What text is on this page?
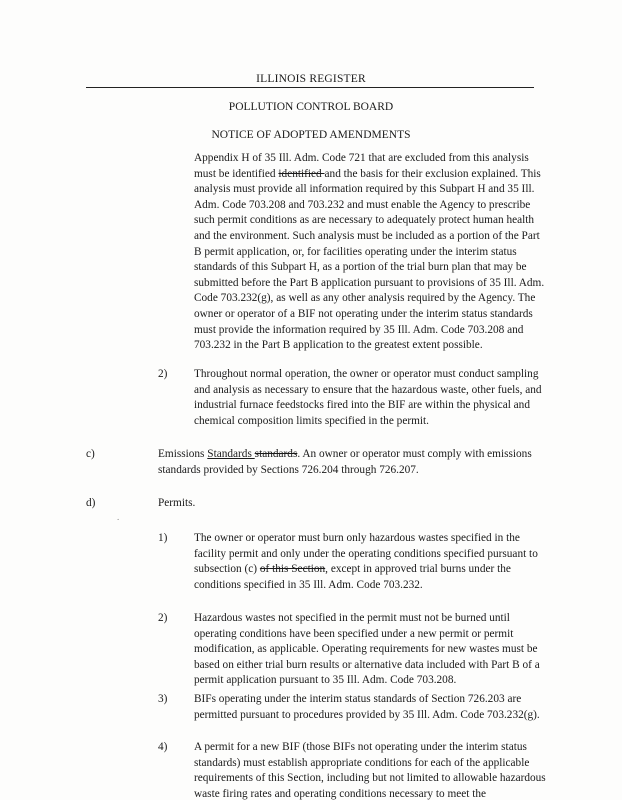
ILLINOIS REGISTER
POLLUTION CONTROL BOARD
NOTICE OF ADOPTED AMENDMENTS

Appendix H of 35 Ill. Adm. Code 721 that are excluded from this analysis must be identified identified and the basis for their exclusion explained. This analysis must provide all information required by this Subpart H and 35 Ill. Adm. Code 703.208 and 703.232 and must enable the Agency to prescribe such permit conditions as are necessary to adequately protect human health and the environment. Such analysis must be included as a portion of the Part B permit application, or, for facilities operating under the interim status standards of this Subpart H, as a portion of the trial burn plan that may be submitted before the Part B application pursuant to provisions of 35 Ill. Adm. Code 703.232(g), as well as any other analysis required by the Agency. The owner or operator of a BIF not operating under the interim status standards must provide the information required by 35 Ill. Adm. Code 703.208 and 703.232 in the Part B application to the greatest extent possible.

2) Throughout normal operation, the owner or operator must conduct sampling and analysis as necessary to ensure that the hazardous waste, other fuels, and industrial furnace feedstocks fired into the BIF are within the physical and chemical composition limits specified in the permit.

c)	Emissions Standards standards. An owner or operator must comply with emissions standards provided by Sections 726.204 through 726.207.

d)	Permits.

1) The owner or operator must burn only hazardous wastes specified in the facility permit and only under the operating conditions specified pursuant to subsection (c) of this Section, except in approved trial burns under the conditions specified in 35 Ill. Adm. Code 703.232.

.

2) Hazardous wastes not specified in the permit must not be burned until operating conditions have been specified under a new permit or permit modification, as applicable. Operating requirements for new wastes must be based on either trial burn results or alternative data included with Part B of a permit application pursuant to 35 Ill. Adm. Code 703.208.

3) BIFs operating under the interim status standards of Section 726.203 are permitted pursuant to procedures provided by 35 Ill. Adm. Code 703.232(g).

4) A permit for a new BIF (those BIFs not operating under the interim status standards) must establish appropriate conditions for each of the applicable requirements of this Section, including but not limited to allowable hazardous waste firing rates and operating conditions necessary to meet the
